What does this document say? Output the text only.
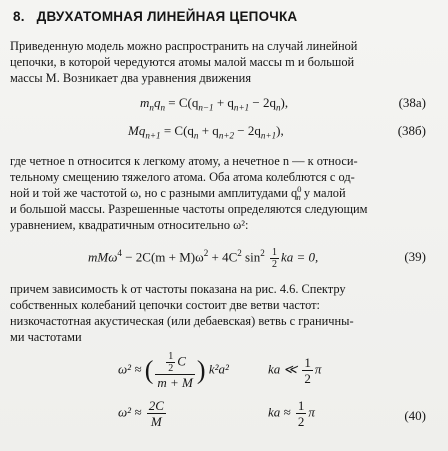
8. ДВУХАТОМНАЯ ЛИНЕЙНАЯ ЦЕПОЧКА
Приведенную модель можно распространить на случай линейной
цепочки, в которой чередуются атомы малой массы m и большой
массы M. Возникает два уравнения движения
$m_nq_n = C(q_{n-1} + q_{n+1} - 2q_n)$,	(38а)
$Mq_{n+1} = C(q_n + q_{n+2} - 2q_{n+1})$,	(38б)
где четное n относится к легкому атому, а нечетное n — к относи-
тельному смещению тяжелого атома. Оба атома колеблются с од-
ной и той же частотой ω, но с разными амплитудами $q^0_n$ у малой
и большой массы. Разрешенные частоты определяются следующим
уравнением, квадратичным относительно ω²:
$mM\omega^4 - 2C(m + M)\omega^2 + 4C^2$ $\sin^2 \frac{1}{2}$ ka = 0,	(39)
причем зависимость k от частоты показана на рис. 4.6. Спектру
собственных колебаний цепочки состоит две ветви частот:
низкочастотная акустическая (или дебаевская) ветвь с граничны-
ми частотами
ω² ≈ ( $\frac{\frac{1}{2} C}{m + M}$ ) k²a²	ka ≪ $\frac{1}{2}$ π
$\omega^2 \approx \frac{2C}{M}$	ka ≈ $\frac{1}{2}$ π	(40)
